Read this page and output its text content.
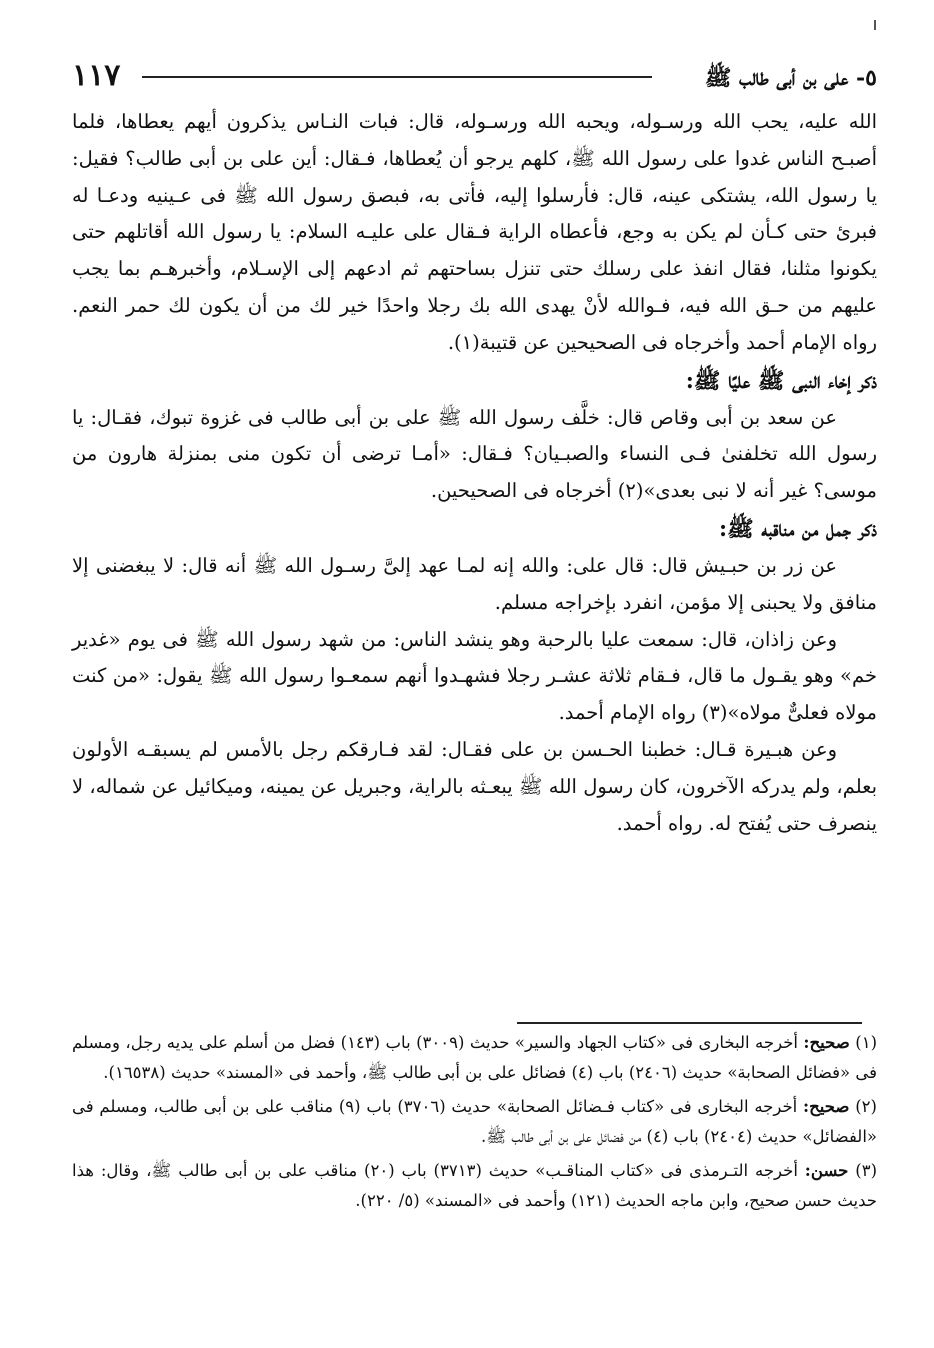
٥- على بن أبى طالب ﷺ
١١٧

الله عليه، يحب الله ورسـوله، ويحبه الله ورسـوله، قال: فبات النـاس يذكرون أيهم يعطاها، فلما أصبـح الناس غدوا على رسول الله ﷺ، كلهم يرجو أن يُعطاها، فـقال: أين على بن أبى طالب؟ فقيل: يا رسول الله، يشتكى عينه، قال: فأرسلوا إليه، فأتى به، فبصق رسول الله ﷺ فى عـينيه ودعـا له فبرئ حتى كـأن لم يكن به وجع، فأعطاه الراية فـقال على عليـه السلام: يا رسول الله أقاتلهم حتى يكونوا مثلنا، فقال انفذ على رسلك حتى تنزل بساحتهم ثم ادعهم إلى الإسـلام، وأخبرهـم بما يجب عليهم من حـق الله فيه، فـوالله لأنْ يهدى الله بك رجلا واحدًا خير لك من أن يكون لك حمر النعم. رواه الإمام أحمد وأخرجاه فى الصحيحين عن قتيبة(١).

ذكر إخاء النبى ﷺ عليًا ﷺ:

عن سعد بن أبى وقاص قال: خلَّف رسول الله ﷺ على بن أبى طالب فى غزوة تبوك، فقـال: يا رسول الله تخلفنىٰ فـى النساء والصبـيان؟ فـقال: «أمـا ترضى أن تكون منى بمنزلة هارون من موسى؟ غير أنه لا نبى بعدى»(٢) أخرجاه فى الصحيحين.

ذكر جمل من مناقبه ﷺ:

عن زر بن حبـيش قال: قال على: والله إنه لمـا عهد إلىَّ رسـول الله ﷺ أنه قال: لا يبغضنى إلا منافق ولا يحبنى إلا مؤمن، انفرد بإخراجه مسلم.

وعن زاذان، قال: سمعت عليا بالرحبة وهو ينشد الناس: من شهد رسول الله ﷺ فى يوم «غدير خم» وهو يقـول ما قال، فـقام ثلاثة عشـر رجلا فشهـدوا أنهم سمعـوا رسول الله ﷺ يقول: «من كنت مولاه فعلىٌّ مولاه»(٣) رواه الإمام أحمد.

وعن هبـيرة قـال: خطبنا الحـسن بن على فقـال: لقد فـارقكم رجل بالأمس لم يسبقـه الأولون بعلم، ولم يدركه الآخرون، كان رسول الله ﷺ يبعـثه بالراية، وجبريل عن يمينه، وميكائيل عن شماله، لا ينصرف حتى يُفتح له. رواه أحمد.

(١) صحيح: أخرجه البخارى فى «كتاب الجهاد والسير» حديث (٣٠٠٩) باب (١٤٣) فضل من أسلم على يديه رجل، ومسلم فى «فضائل الصحابة» حديث (٢٤٠٦) باب (٤) فضائل على بن أبى طالب ﷺ، وأحمد فى «المسند» حديث (١٦٥٣٨).

(٢) صحيح: أخرجه البخارى فى «كتاب فـضائل الصحابة» حديث (٣٧٠٦) باب (٩) مناقب على بن أبى طالب، ومسلم فى «الفضائل» حديث (٢٤٠٤) باب (٤) من فضائل على بن أبى طالب ﷺ.

(٣) حسن: أخرجه التـرمذى فى «كتاب المناقـب» حديث (٣٧١٣) باب (٢٠) مناقب على بن أبى طالب ﷺ، وقال: هذا حديث حسن صحيح، وابن ماجه الحديث (١٢١) وأحمد فى «المسند» (٥/ ٢٢٠).
